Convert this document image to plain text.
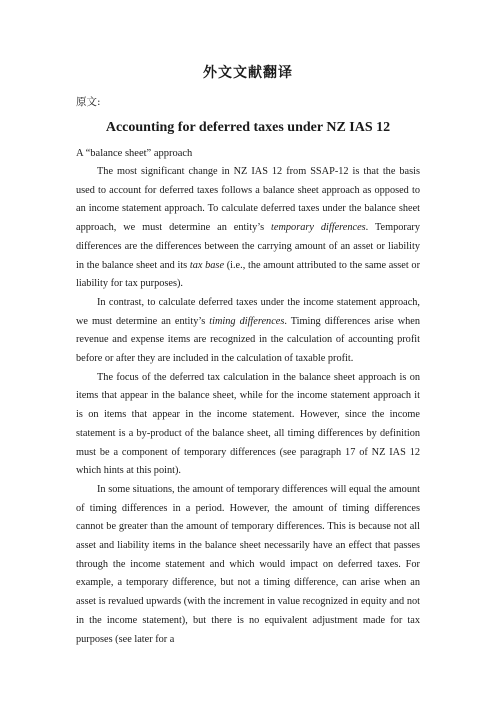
外文文献翻译
原文:
Accounting for deferred taxes under NZ IAS 12
A “balance sheet” approach

The most significant change in NZ IAS 12 from SSAP-12 is that the basis used to account for deferred taxes follows a balance sheet approach as opposed to an income statement approach. To calculate deferred taxes under the balance sheet approach, we must determine an entity’s temporary differences. Temporary differences are the differences between the carrying amount of an asset or liability in the balance sheet and its tax base (i.e., the amount attributed to the same asset or liability for tax purposes).

In contrast, to calculate deferred taxes under the income statement approach, we must determine an entity’s timing differences. Timing differences arise when revenue and expense items are recognized in the calculation of accounting profit before or after they are included in the calculation of taxable profit.

The focus of the deferred tax calculation in the balance sheet approach is on items that appear in the balance sheet, while for the income statement approach it is on items that appear in the income statement. However, since the income statement is a by-product of the balance sheet, all timing differences by definition must be a component of temporary differences (see paragraph 17 of NZ IAS 12 which hints at this point).

In some situations, the amount of temporary differences will equal the amount of timing differences in a period. However, the amount of timing differences cannot be greater than the amount of temporary differences. This is because not all asset and liability items in the balance sheet necessarily have an effect that passes through the income statement and which would impact on deferred taxes. For example, a temporary difference, but not a timing difference, can arise when an asset is revalued upwards (with the increment in value recognized in equity and not in the income statement), but there is no equivalent adjustment made for tax purposes (see later for a
